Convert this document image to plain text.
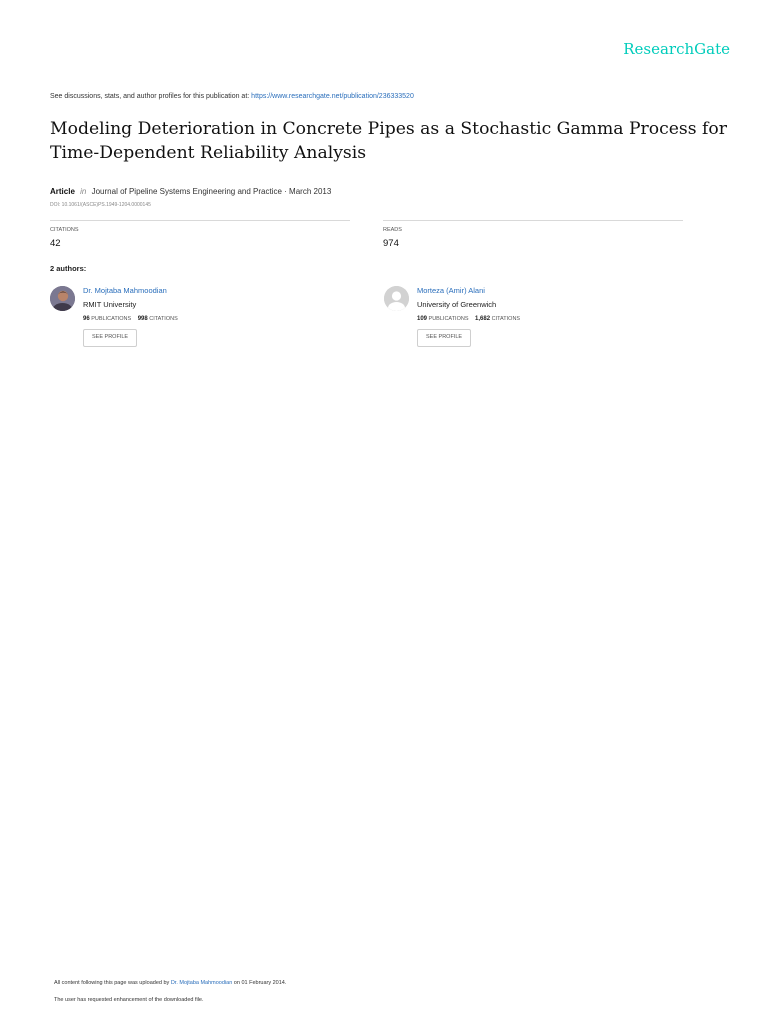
ResearchGate
See discussions, stats, and author profiles for this publication at: https://www.researchgate.net/publication/236333520
Modeling Deterioration in Concrete Pipes as a Stochastic Gamma Process for Time-Dependent Reliability Analysis
Article in Journal of Pipeline Systems Engineering and Practice · March 2013
DOI: 10.1061/(ASCE)PS.1949-1204.0000145
CITATIONS
42
READS
974
2 authors:
Dr. Mojtaba Mahmoodian
RMIT University
96 PUBLICATIONS 998 CITATIONS
SEE PROFILE
Morteza (Amir) Alani
University of Greenwich
109 PUBLICATIONS 1,682 CITATIONS
SEE PROFILE
All content following this page was uploaded by Dr. Mojtaba Mahmoodian on 01 February 2014.
The user has requested enhancement of the downloaded file.
